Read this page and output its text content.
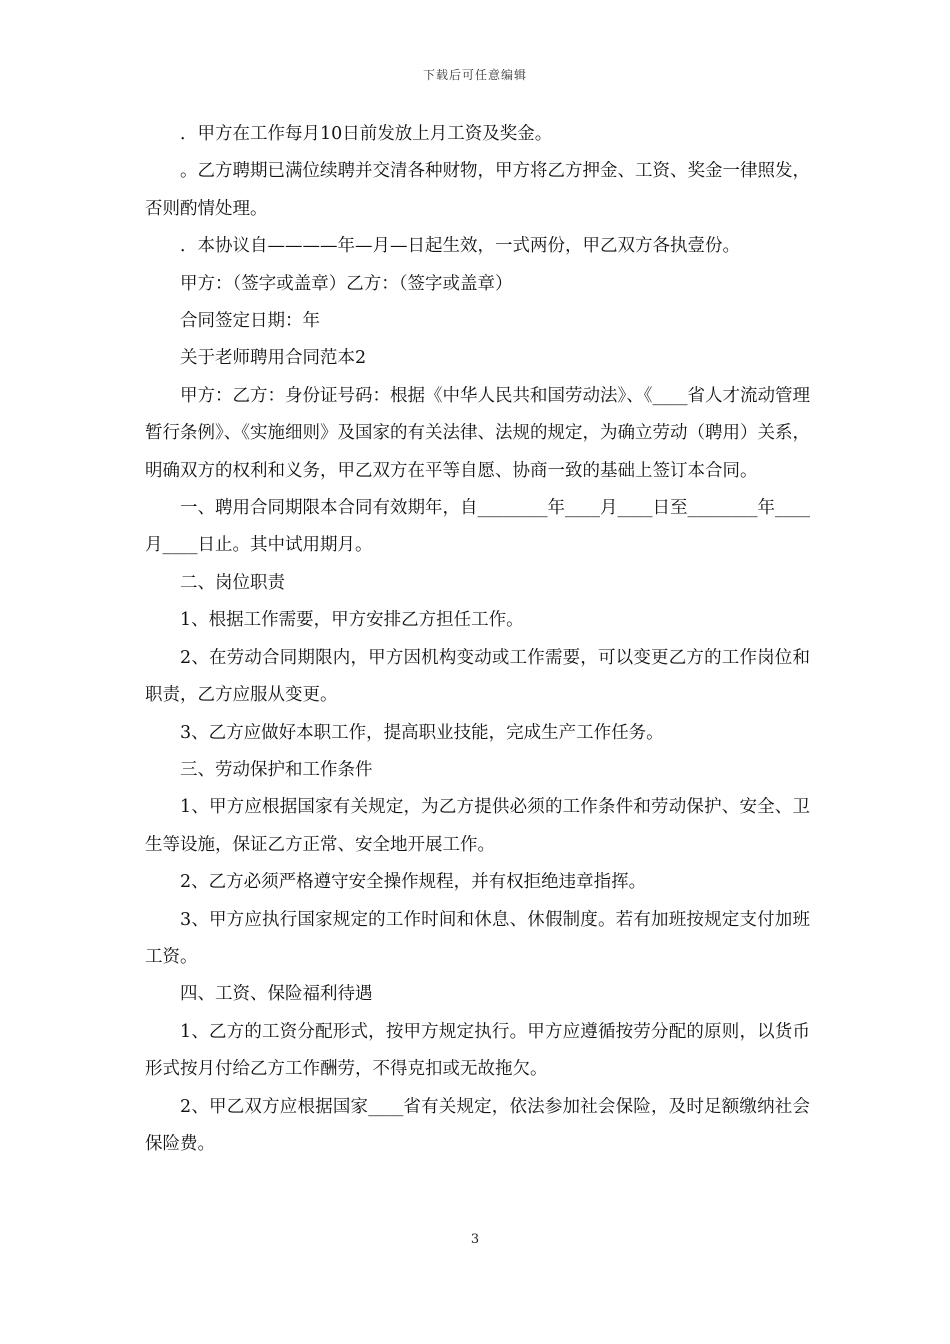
下载后可任意编辑

．甲方在工作每月10日前发放上月工资及奖金。

。乙方聘期已满位续聘并交清各种财物，甲方将乙方押金、工资、奖金一律照发，否则酌情处理。

．本协议自————年—月—日起生效，一式两份，甲乙双方各执壹份。

甲方：（签字或盖章）乙方：（签字或盖章）

合同签定日期：年

关于老师聘用合同范本2

甲方：乙方：身份证号码：根据《中华人民共和国劳动法》、《____省人才流动管理暂行条例》、《实施细则》及国家的有关法律、法规的规定，为确立劳动（聘用）关系，明确双方的权利和义务，甲乙双方在平等自愿、协商一致的基础上签订本合同。

一、聘用合同期限本合同有效期年，自________年____月____日至________年____月____日止。其中试用期月。

二、岗位职责

1、根据工作需要，甲方安排乙方担任工作。

2、在劳动合同期限内，甲方因机构变动或工作需要，可以变更乙方的工作岗位和职责，乙方应服从变更。

3、乙方应做好本职工作，提高职业技能，完成生产工作任务。

三、劳动保护和工作条件

1、甲方应根据国家有关规定，为乙方提供必须的工作条件和劳动保护、安全、卫生等设施，保证乙方正常、安全地开展工作。

2、乙方必须严格遵守安全操作规程，并有权拒绝违章指挥。

3、甲方应执行国家规定的工作时间和休息、休假制度。若有加班按规定支付加班工资。

四、工资、保险福利待遇

1、乙方的工资分配形式，按甲方规定执行。甲方应遵循按劳分配的原则，以货币形式按月付给乙方工作酬劳，不得克扣或无故拖欠。

2、甲乙双方应根据国家____省有关规定，依法参加社会保险，及时足额缴纳社会保险费。

3
